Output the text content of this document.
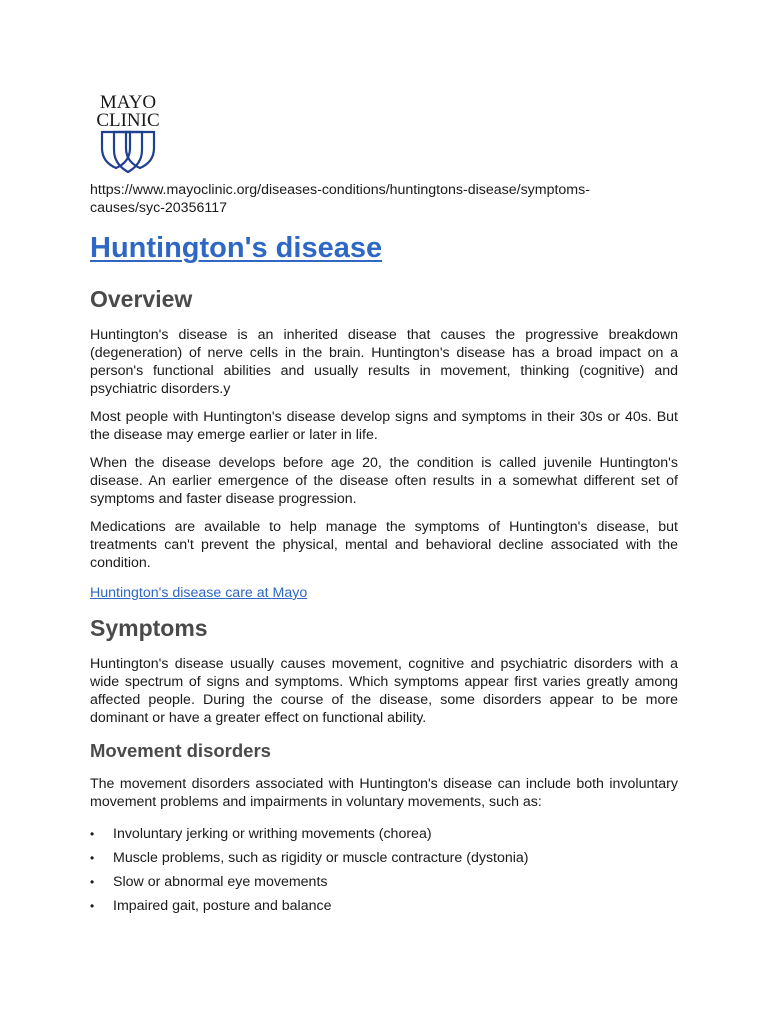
MAYO
CLINIC
https://www.mayoclinic.org/diseases-conditions/huntingtons-disease/symptoms-causes/syc-20356117
Huntington's disease
Overview

Huntington's disease is an inherited disease that causes the progressive breakdown (degeneration) of nerve cells in the brain. Huntington's disease has a broad impact on a person's functional abilities and usually results in movement, thinking (cognitive) and psychiatric disorders.y

Most people with Huntington's disease develop signs and symptoms in their 30s or 40s. But the disease may emerge earlier or later in life.

When the disease develops before age 20, the condition is called juvenile Huntington's disease. An earlier emergence of the disease often results in a somewhat different set of symptoms and faster disease progression.

Medications are available to help manage the symptoms of Huntington's disease, but treatments can't prevent the physical, mental and behavioral decline associated with the condition.

Huntington's disease care at Mayo
Symptoms

Huntington's disease usually causes movement, cognitive and psychiatric disorders with a wide spectrum of signs and symptoms. Which symptoms appear first varies greatly among affected people. During the course of the disease, some disorders appear to be more dominant or have a greater effect on functional ability.

Movement disorders

The movement disorders associated with Huntington's disease can include both involuntary movement problems and impairments in voluntary movements, such as:

• Involuntary jerking or writhing movements (chorea)
• Muscle problems, such as rigidity or muscle contracture (dystonia)
• Slow or abnormal eye movements
• Impaired gait, posture and balance
